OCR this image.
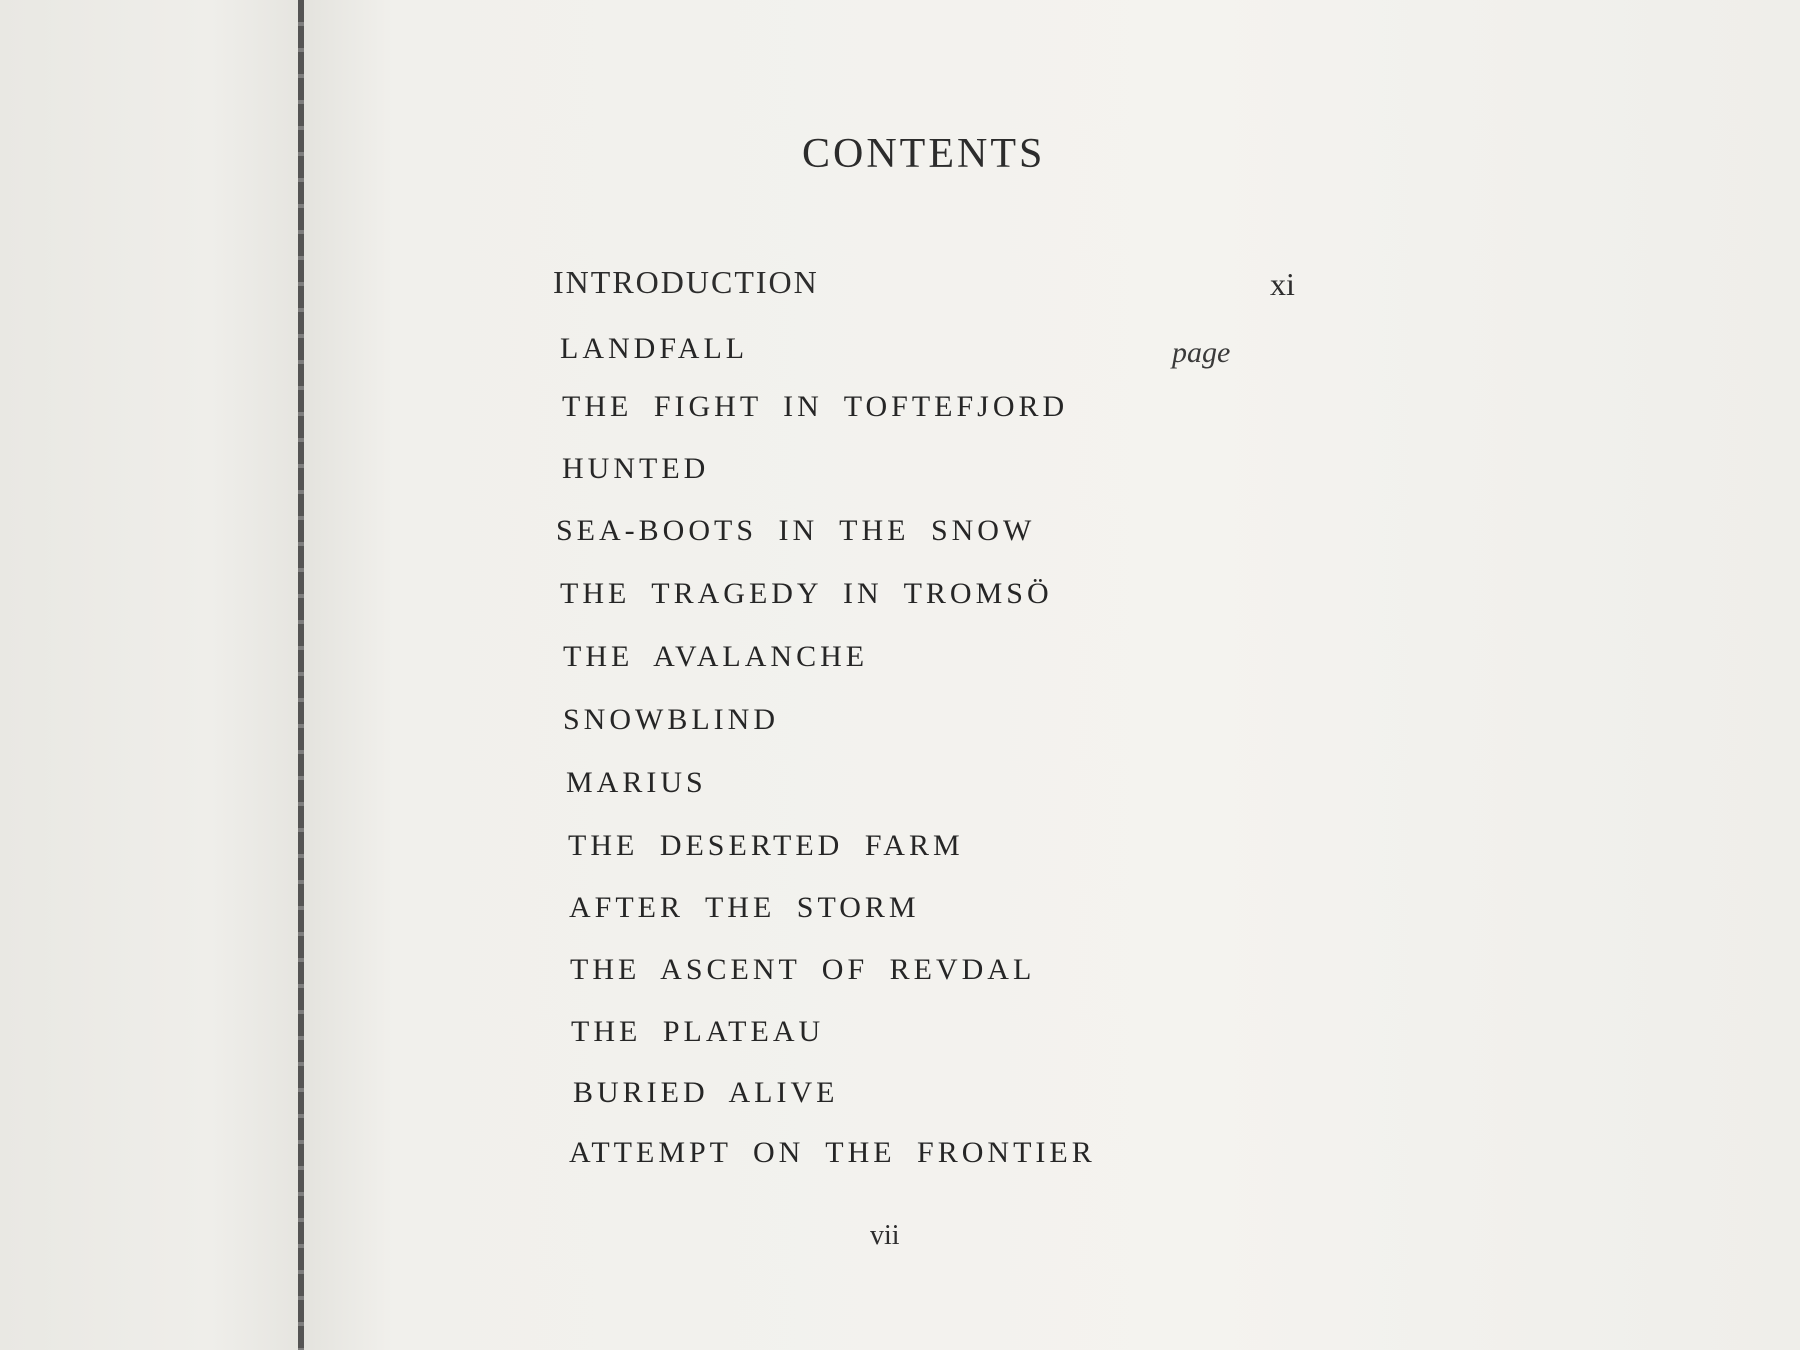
CONTENTS
INTRODUCTION	xi
page
LANDFALL
THE FIGHT IN TOFTEFJORD
HUNTED
SEA-BOOTS IN THE SNOW
THE TRAGEDY IN TROMSÖ
THE AVALANCHE
SNOWBLIND
MARIUS
THE DESERTED FARM
AFTER THE STORM
THE ASCENT OF REVDAL
THE PLATEAU
BURIED ALIVE
ATTEMPT ON THE FRONTIER
vii
